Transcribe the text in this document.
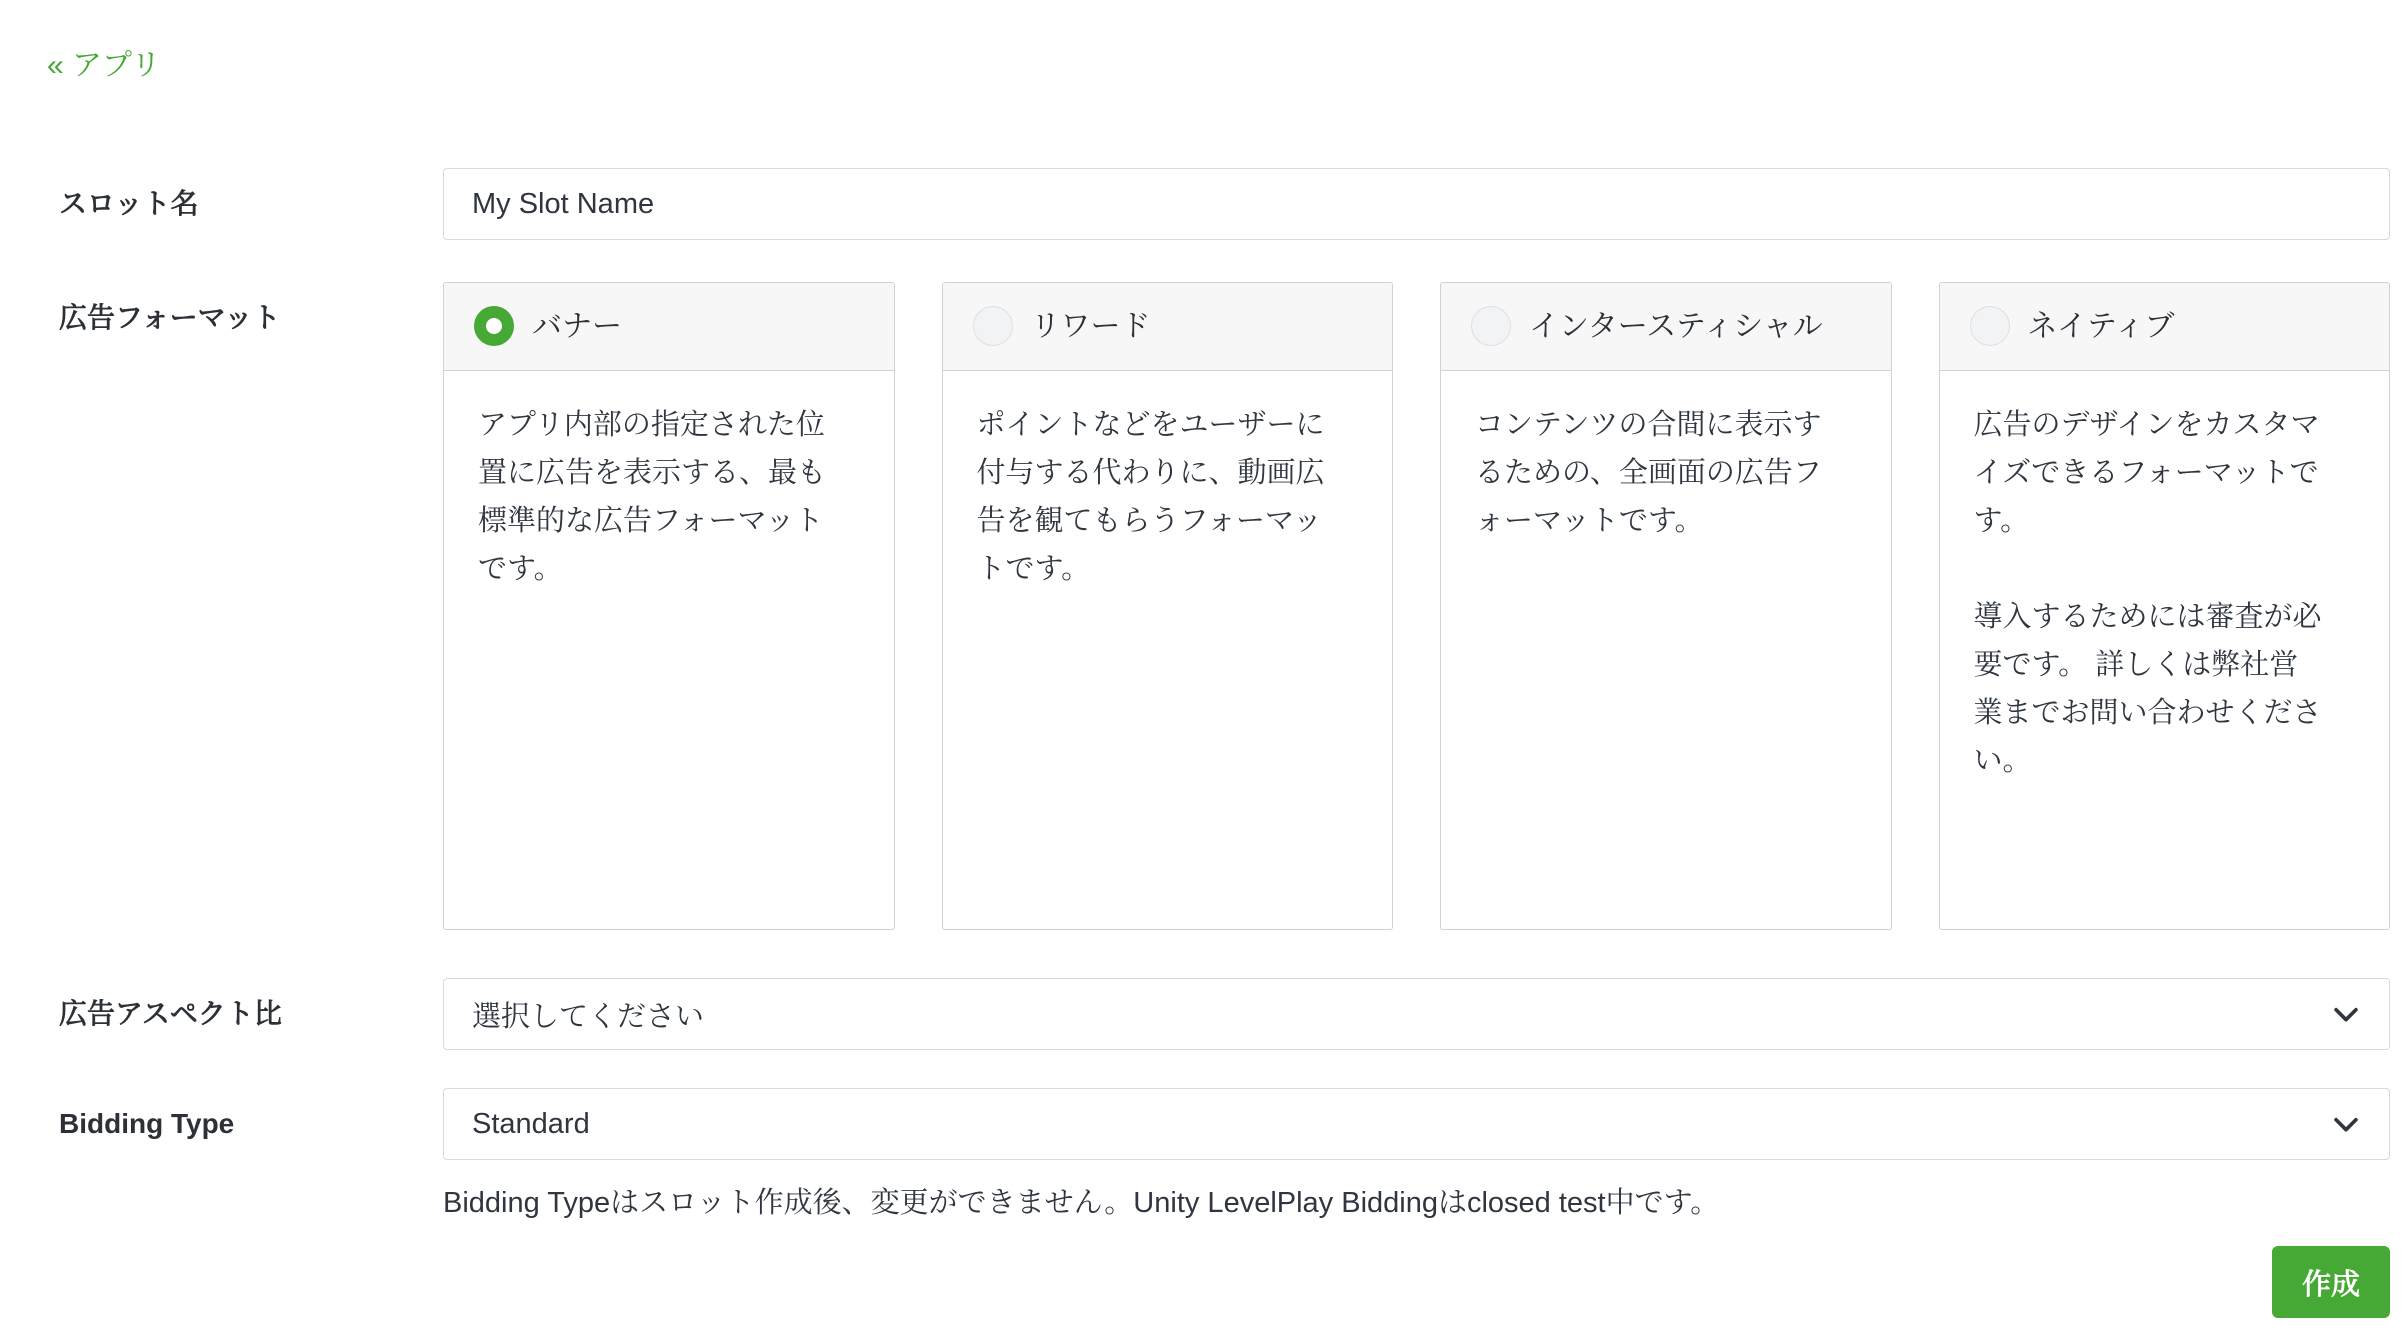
« アプリ
スロット名
My Slot Name
広告フォーマット	バナー

アプリ内部の指定された位置に広告を表示する、最も標準的な広告フォーマットです。

リワード

ポイントなどをユーザーに付与する代わりに、動画広告を観てもらうフォーマットです。

インタースティシャル

コンテンツの合間に表示するための、全画面の広告フォーマットです。

ネイティブ

広告のデザインをカスタマイズできるフォーマットです。

導入するためには審査が必要です。 詳しくは弊社営業までお問い合わせください。

広告アスペクト比	選択してください
Bidding Type	Standard
Bidding Typeはスロット作成後、変更ができません。Unity LevelPlay Biddingはclosed test中です。
作成
